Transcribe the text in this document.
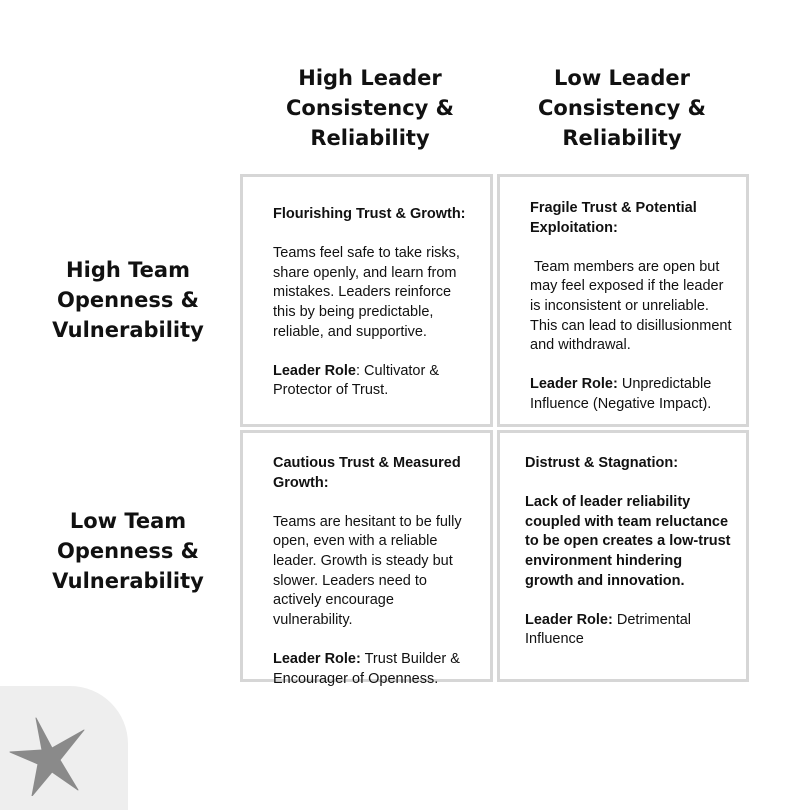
High Leader Consistency & Reliability
Low Leader Consistency & Reliability
High Team Openness & Vulnerability
Low Team Openness & Vulnerability

Flourishing Trust & Growth:

Teams feel safe to take risks, share openly, and learn from mistakes. Leaders reinforce this by being predictable, reliable, and supportive.

Leader Role: Cultivator & Protector of Trust.

Fragile Trust & Potential Exploitation:

Team members are open but may feel exposed if the leader is inconsistent or unreliable. This can lead to disillusionment and withdrawal.

Leader Role: Unpredictable Influence (Negative Impact).

Cautious Trust & Measured Growth:

Teams are hesitant to be fully open, even with a reliable leader. Growth is steady but slower. Leaders need to actively encourage vulnerability.

Leader Role: Trust Builder & Encourager of Openness.

Distrust & Stagnation:

Lack of leader reliability coupled with team reluctance to be open creates a low-trust environment hindering growth and innovation.

Leader Role: Detrimental Influence
